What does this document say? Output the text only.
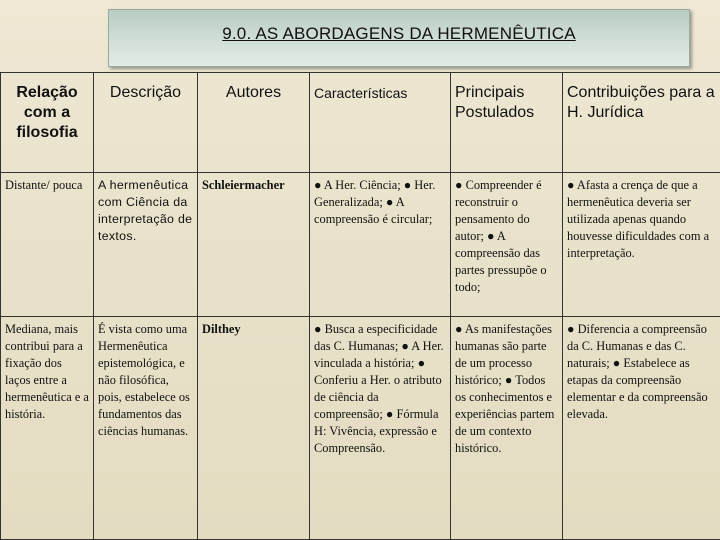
9.0. AS ABORDAGENS DA HERMENÊUTICA
Relação com a filosofia	Descrição	Autores	Características	Principais Postulados	Contribuições para a H. Jurídica
Distante/ pouca	A hermenêutica com Ciência da interpretação de textos.	Schleiermacher	● A Her. Ciência; ● Her. Generalizada; ● A compreensão é circular;	● Compreender é reconstruir o pensamento do autor; ● A compreensão das partes pressupõe o todo;	● Afasta a crença de que a hermenêutica deveria ser utilizada apenas quando houvesse dificuldades com a interpretação.
Mediana, mais contribui para a fixação dos laços entre a hermenêutica e a história.	É vista como uma Hermenêutica epistemológica, e não filosófica, pois, estabelece os fundamentos das ciências humanas.	Dilthey	● Busca a especificidade das C. Humanas; ● A Her. vinculada a história; ● Conferiu a Her. o atributo de ciência da compreensão; ● Fórmula H: Vivência, expressão e Compreensão.	● As manifestações humanas são parte de um processo histórico; ● Todos os conhecimentos e experiências partem de um contexto histórico.	● Diferencia a compreensão da C. Humanas e das C. naturais; ● Estabelece as etapas da compreensão elementar e da compreensão elevada.
